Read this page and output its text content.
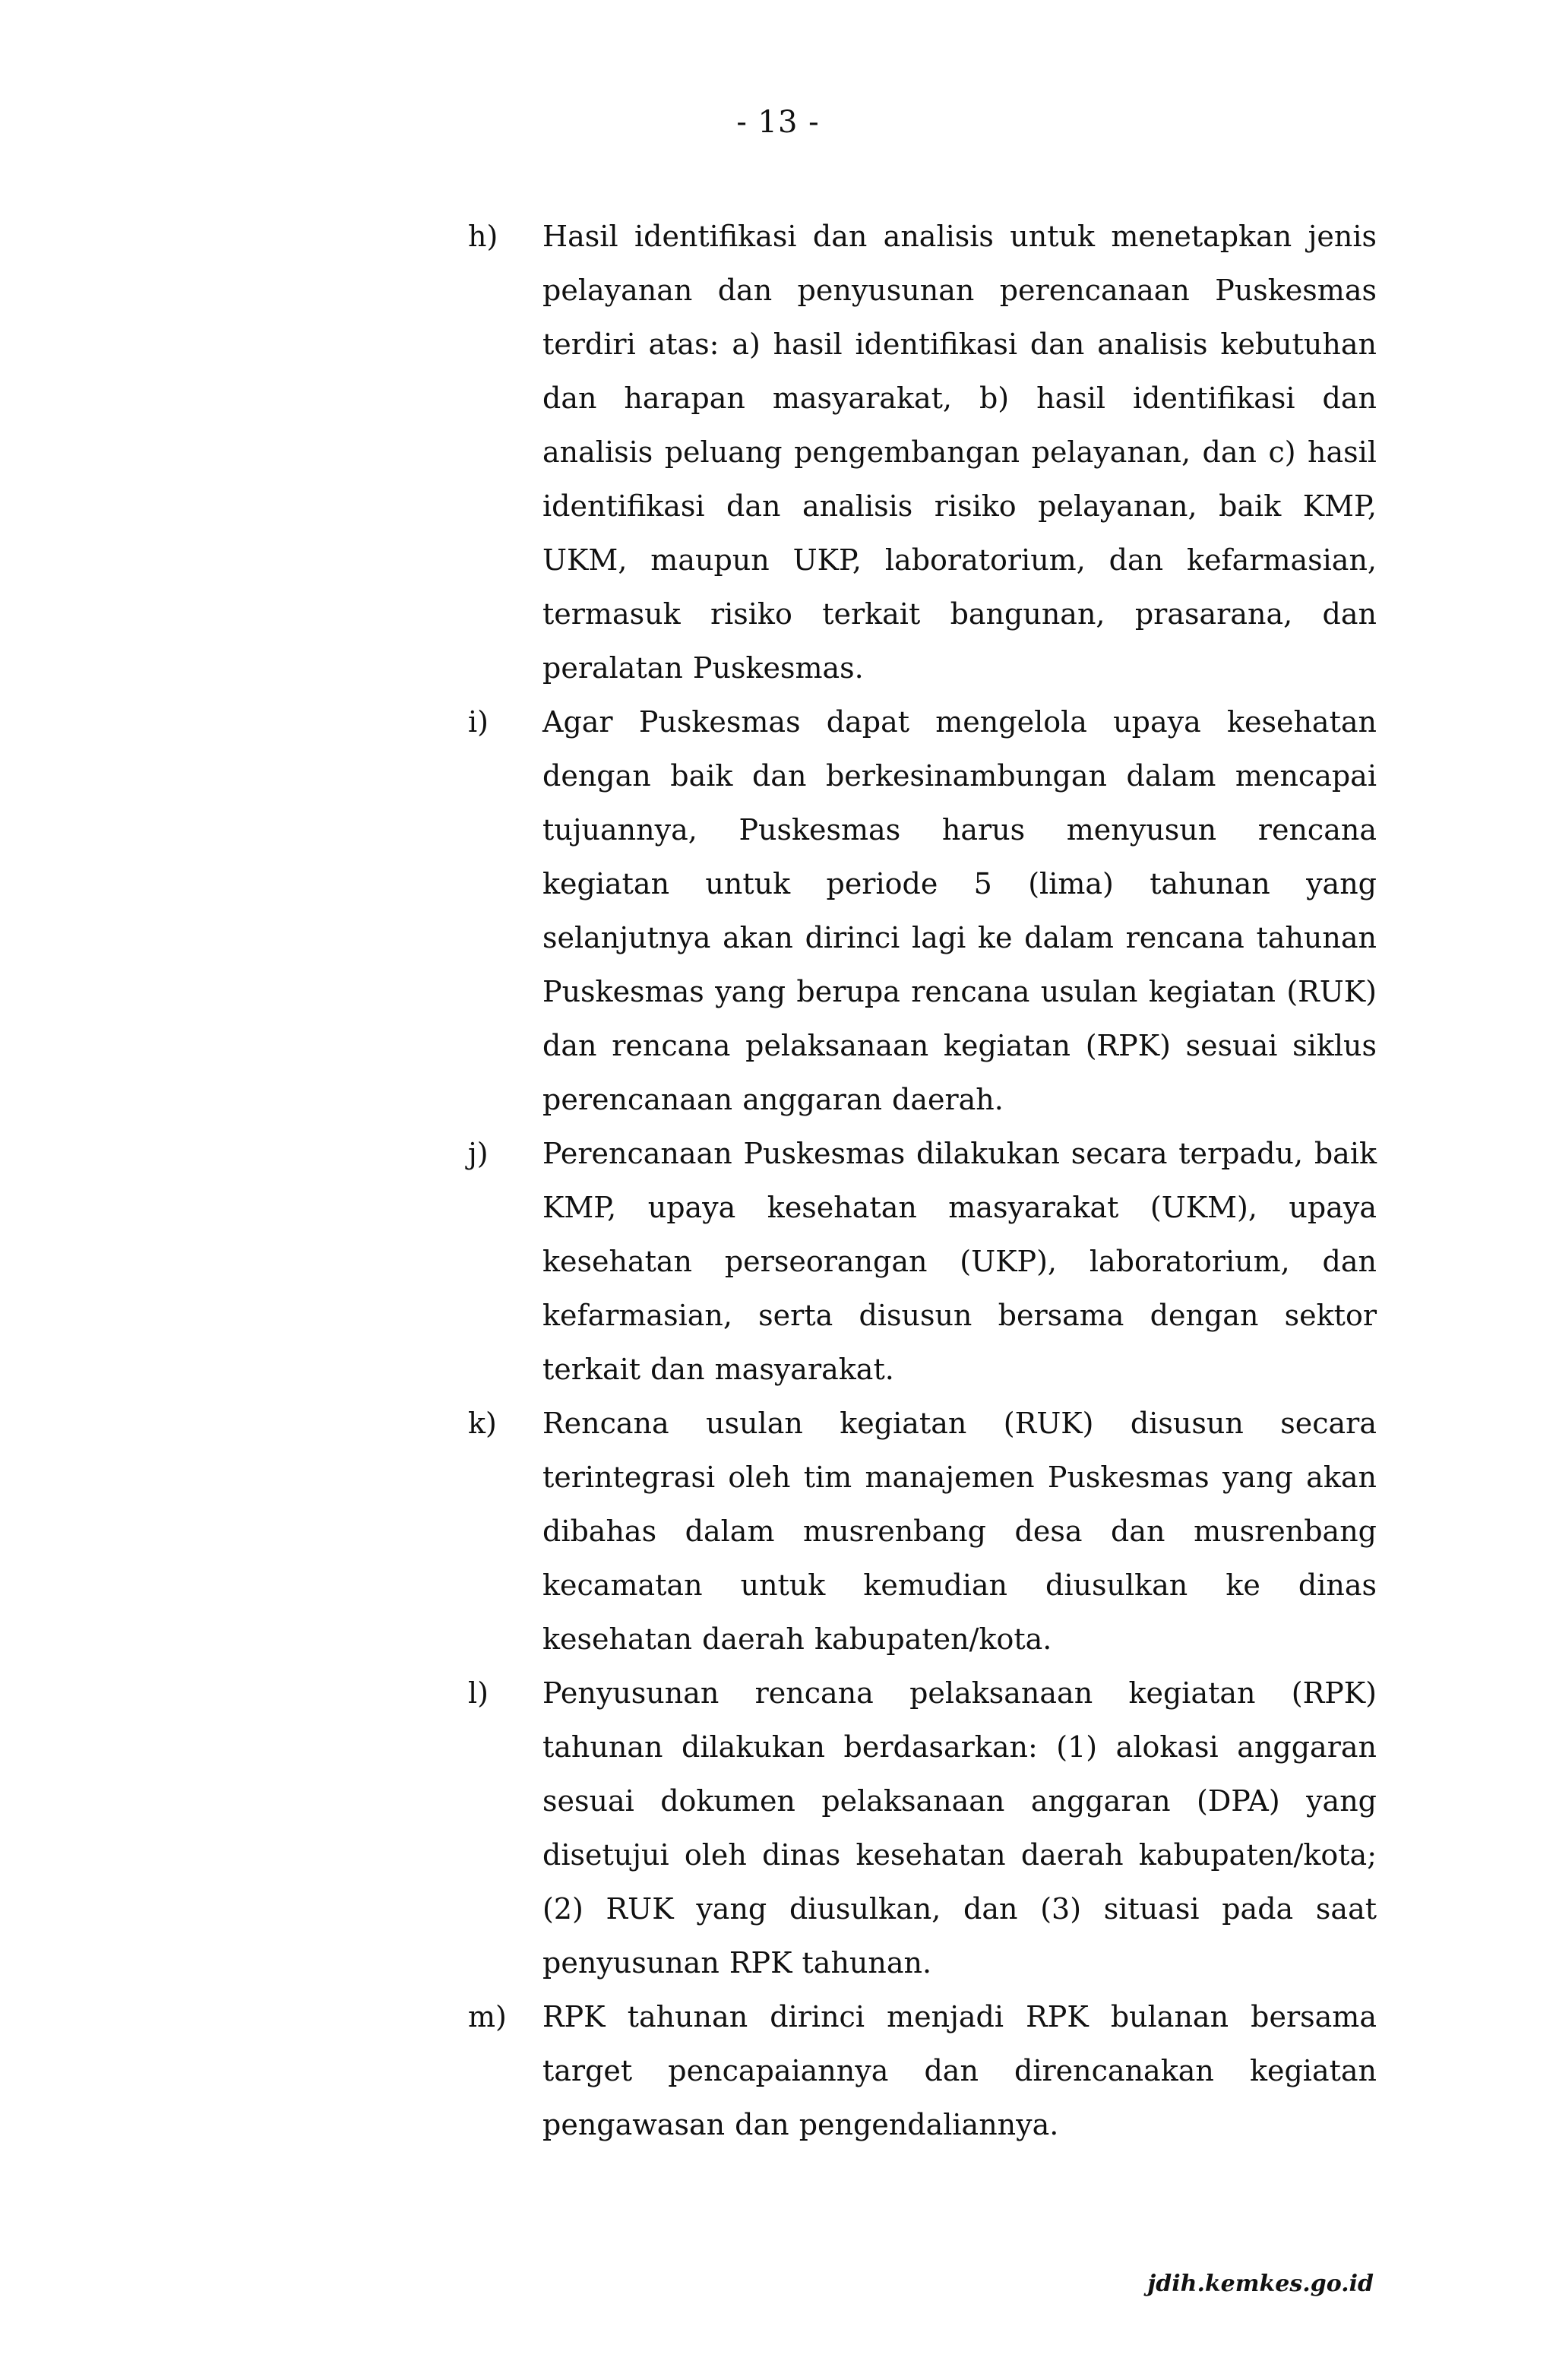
- 13 -
h) Hasil identifikasi dan analisis untuk menetapkan jenis pelayanan dan penyusunan perencanaan Puskesmas terdiri atas: a) hasil identifikasi dan analisis kebutuhan dan harapan masyarakat, b) hasil identifikasi dan analisis peluang pengembangan pelayanan, dan c) hasil identifikasi dan analisis risiko pelayanan, baik KMP, UKM, maupun UKP, laboratorium, dan kefarmasian, termasuk risiko terkait bangunan, prasarana, dan peralatan Puskesmas.
i) Agar Puskesmas dapat mengelola upaya kesehatan dengan baik dan berkesinambungan dalam mencapai tujuannya, Puskesmas harus menyusun rencana kegiatan untuk periode 5 (lima) tahunan yang selanjutnya akan dirinci lagi ke dalam rencana tahunan Puskesmas yang berupa rencana usulan kegiatan (RUK) dan rencana pelaksanaan kegiatan (RPK) sesuai siklus perencanaan anggaran daerah.
j) Perencanaan Puskesmas dilakukan secara terpadu, baik KMP, upaya kesehatan masyarakat (UKM), upaya kesehatan perseorangan (UKP), laboratorium, dan kefarmasian, serta disusun bersama dengan sektor terkait dan masyarakat.
k) Rencana usulan kegiatan (RUK) disusun secara terintegrasi oleh tim manajemen Puskesmas yang akan dibahas dalam musrenbang desa dan musrenbang kecamatan untuk kemudian diusulkan ke dinas kesehatan daerah kabupaten/kota.
l) Penyusunan rencana pelaksanaan kegiatan (RPK) tahunan dilakukan berdasarkan: (1) alokasi anggaran sesuai dokumen pelaksanaan anggaran (DPA) yang disetujui oleh dinas kesehatan daerah kabupaten/kota; (2) RUK yang diusulkan, dan (3) situasi pada saat penyusunan RPK tahunan.
m) RPK tahunan dirinci menjadi RPK bulanan bersama target pencapaiannya dan direncanakan kegiatan pengawasan dan pengendaliannya.
jdih.kemkes.go.id
